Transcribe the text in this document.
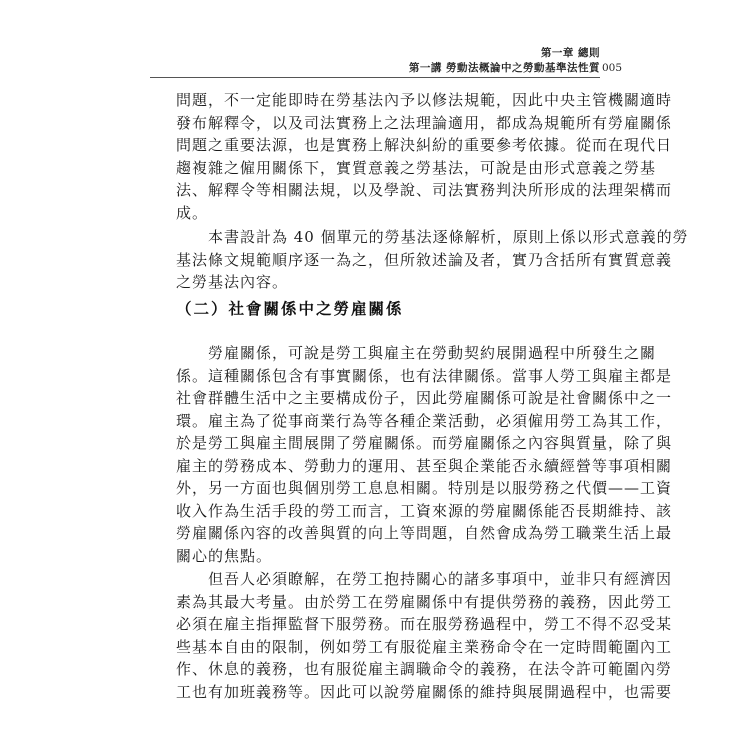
第一章 總則
第一講 勞動法概論中之勞動基準法性質 005
問題，不一定能即時在勞基法內予以修法規範，因此中央主管機關適時
發布解釋令，以及司法實務上之法理論適用，都成為規範所有勞雇關係
問題之重要法源，也是實務上解決糾紛的重要參考依據。從而在現代日
趨複雜之僱用關係下，實質意義之勞基法，可說是由形式意義之勞基
法、解釋令等相關法規，以及學說、司法實務判決所形成的法理架構而
成。
　　本書設計為 40 個單元的勞基法逐條解析，原則上係以形式意義的勞
基法條文規範順序逐一為之，但所敘述論及者，實乃含括所有實質意義
之勞基法內容。
（二）社會關係中之勞雇關係
　　勞雇關係，可說是勞工與雇主在勞動契約展開過程中所發生之關
係。這種關係包含有事實關係，也有法律關係。當事人勞工與雇主都是
社會群體生活中之主要構成份子，因此勞雇關係可說是社會關係中之一
環。雇主為了從事商業行為等各種企業活動，必須僱用勞工為其工作，
於是勞工與雇主間展開了勞雇關係。而勞雇關係之內容與質量，除了與
雇主的勞務成本、勞動力的運用、甚至與企業能否永續經營等事項相關
外，另一方面也與個別勞工息息相關。特別是以服勞務之代價——工資
收入作為生活手段的勞工而言，工資來源的勞雇關係能否長期維持、該
勞雇關係內容的改善與質的向上等問題，自然會成為勞工職業生活上最
關心的焦點。
　　但吾人必須瞭解，在勞工抱持關心的諸多事項中，並非只有經濟因
素為其最大考量。由於勞工在勞雇關係中有提供勞務的義務，因此勞工
必須在雇主指揮監督下服勞務。而在服勞務過程中，勞工不得不忍受某
些基本自由的限制，例如勞工有服從雇主業務命令在一定時間範圍內工
作、休息的義務，也有服從雇主調職命令的義務，在法令許可範圍內勞
工也有加班義務等。因此可以說勞雇關係的維持與展開過程中，也需要
